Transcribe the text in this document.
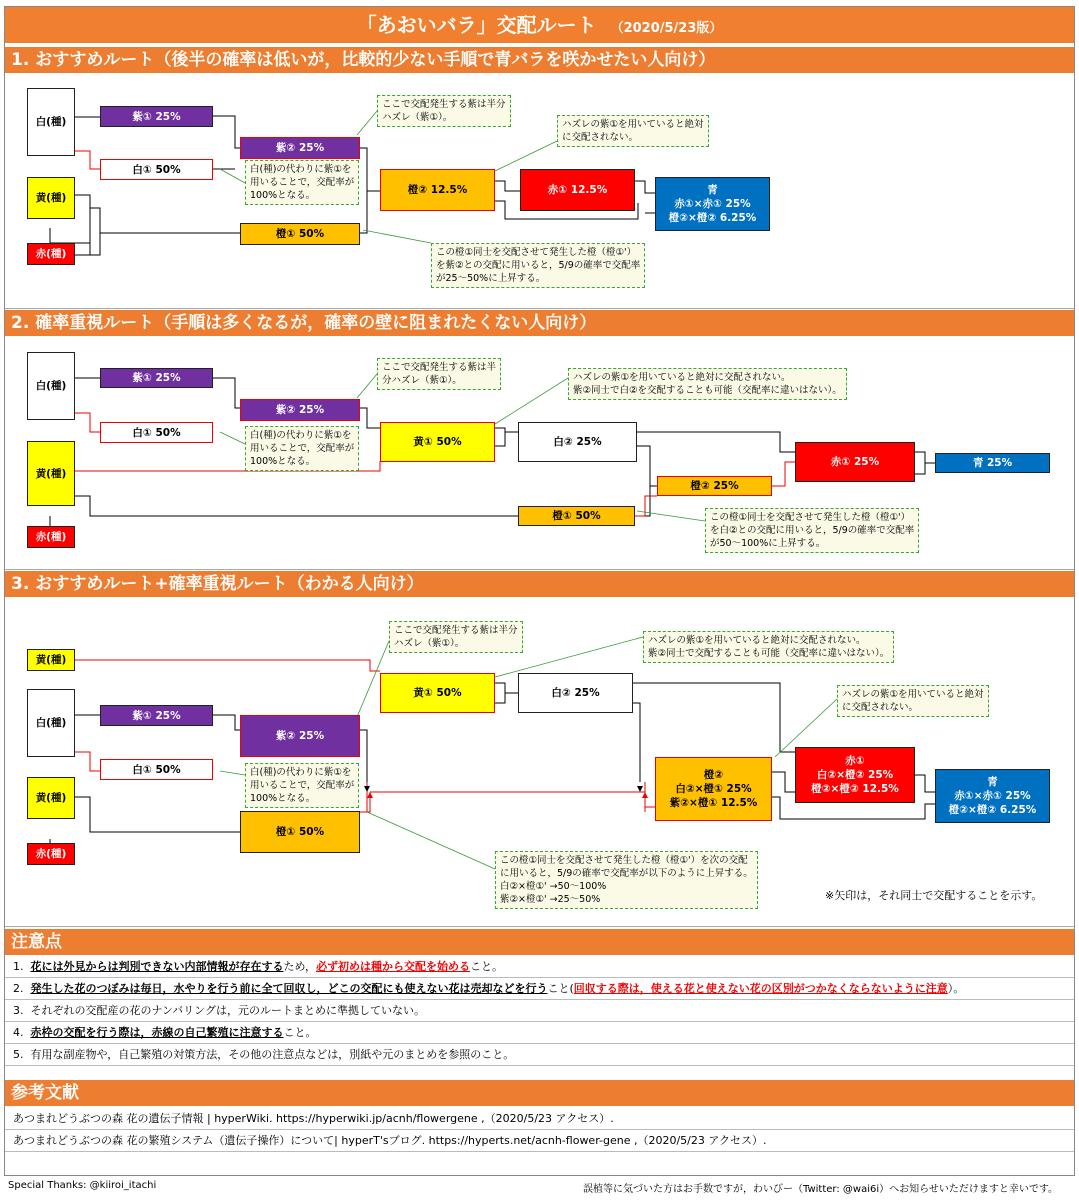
「あおいバラ」交配ルート （2020/5/23版）
1. おすすめルート（後半の確率は低いが，比較的少ない手順で青バラを咲かせたい人向け）
白(種)
黄(種)
赤(種)
紫① 25%
白① 50%
紫② 25%
橙① 50%
橙② 12.5%	赤① 12.5%	青
赤①×赤① 25%
橙②×橙② 6.25%
ここで交配発生する紫は半分
ハズレ（紫①）。
ハズレの紫①を用いていると絶対
に交配されない。
白(種)の代わりに紫①を
用いることで，交配率が
100%となる。
この橙①同士を交配させて発生した橙（橙①'）
を紫②との交配に用いると，5/9の確率で交配率
が25～50%に上昇する。
2. 確率重視ルート（手順は多くなるが，確率の壁に阻まれたくない人向け）
白(種)
黄(種)
赤(種)
紫① 25%
白① 50%
紫② 25%
黄① 50%	白② 25%
橙② 25%
赤① 25%	青 25%
橙① 50%
ここで交配発生する紫は半
分ハズレ（紫①）。	ハズレの紫①を用いていると絶対に交配されない。
紫②同士で白②を交配することも可能（交配率に違いはない）。
白(種)の代わりに紫①を
用いることで，交配率が
100%となる。
この橙①同士を交配させて発生した橙（橙①'）
を白②との交配に用いると，5/9の確率で交配率
が50～100%に上昇する。
3. おすすめルート+確率重視ルート（わかる人向け）
黄(種)
白(種)
黄(種)
赤(種)
紫① 25%
白① 50%
紫② 25%
橙① 50%
黄① 50%	白② 25%
橙②
白②×橙① 25%
紫②×橙① 12.5%
赤①
白②×橙② 25%
橙②×橙② 12.5%
青
赤①×赤① 25%
橙②×橙② 6.25%
ここで交配発生する紫は半分
ハズレ（紫①）。	ハズレの紫①を用いていると絶対に交配されない。
紫②同士で交配することも可能（交配率に違いはない）。
ハズレの紫①を用いていると絶対
に交配されない。
白(種)の代わりに紫①を
用いることで，交配率が
100%となる。
この橙①同士を交配させて発生した橙（橙①'）を次の交配
に用いると，5/9の確率で交配率が以下のように上昇する。
白②×橙①' →50～100%
紫②×橙①' →25～50%	※矢印は，それ同士で交配することを示す。
注意点
1. 花には外見からは判別できない内部情報が存在するため，必ず初めは種から交配を始めること。
2. 発生した花のつぼみは毎日，水やりを行う前に全て回収し，どこの交配にも使えない花は売却などを行うこと(回収する際は，使える花と使えない花の区別がつかなくならないように注意）。
3. それぞれの交配産の花のナンバリングは，元のルートまとめに準拠していない。
4. 赤枠の交配を行う際は，赤線の自己繁殖に注意すること。
5. 有用な副産物や，自己繁殖の対策方法，その他の注意点などは，別紙や元のまとめを参照のこと。
参考文献
あつまれどうぶつの森 花の遺伝子情報 | hyperWiki. https://hyperwiki.jp/acnh/flowergene ,（2020/5/23 アクセス）.
あつまれどうぶつの森 花の繁殖システム（遺伝子操作）について| hyperT'sブログ. https://hyperts.net/acnh-flower-gene ,（2020/5/23 アクセス）.
Special Thanks: @kiiroi_itachi	誤植等に気づいた方はお手数ですが，わいびー（Twitter: @wai6i）へお知らせいただけますと幸いです。
